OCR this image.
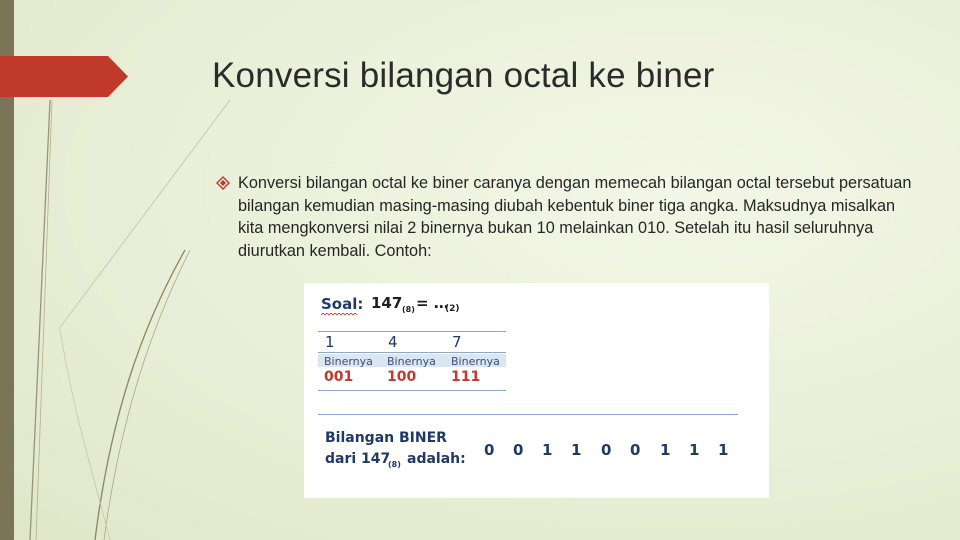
Konversi bilangan octal ke biner
Konversi bilangan octal ke biner caranya dengan memecah bilangan octal tersebut persatuan bilangan kemudian masing-masing diubah kebentuk biner tiga angka. Maksudnya misalkan kita mengkonversi nilai 2 binernya bukan 10 melainkan 010. Setelah itu hasil seluruhnya diurutkan kembali. Contoh:
Soal: 147 (8) = …
(2)
1	4	7
Binernya Binernya Binernya
001 100 111
Bilangan BINER
dari 147
(8) adalah: 0 0 1 1 0 0 1 1 1
